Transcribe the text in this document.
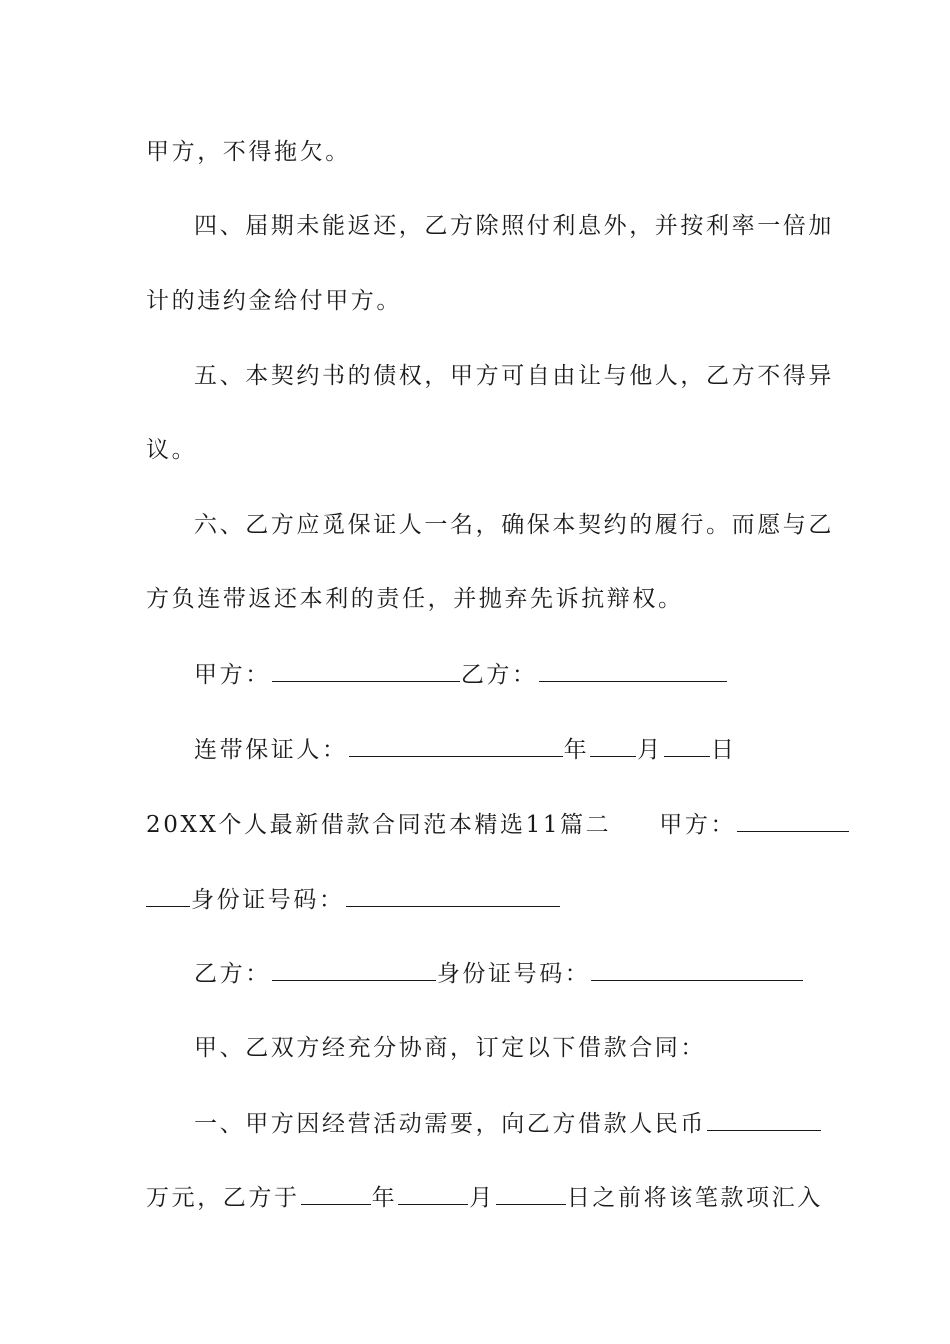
甲方，不得拖欠。
四、届期未能返还，乙方除照付利息外，并按利率一倍加
计的违约金给付甲方。
五、本契约书的债权，甲方可自由让与他人，乙方不得异
议。
六、乙方应觅保证人一名，确保本契约的履行。而愿与乙
方负连带返还本利的责任，并抛弃先诉抗辩权。
甲方：	乙方：
连带保证人：	年 月 日
20XX个人最新借款合同范本精选11篇二 甲方：
身份证号码：
乙方：	身份证号码：
甲、乙双方经充分协商，订定以下借款合同：
一、甲方因经营活动需要，向乙方借款人民币
万元，乙方于	年	月	日之前将该笔款项汇入
